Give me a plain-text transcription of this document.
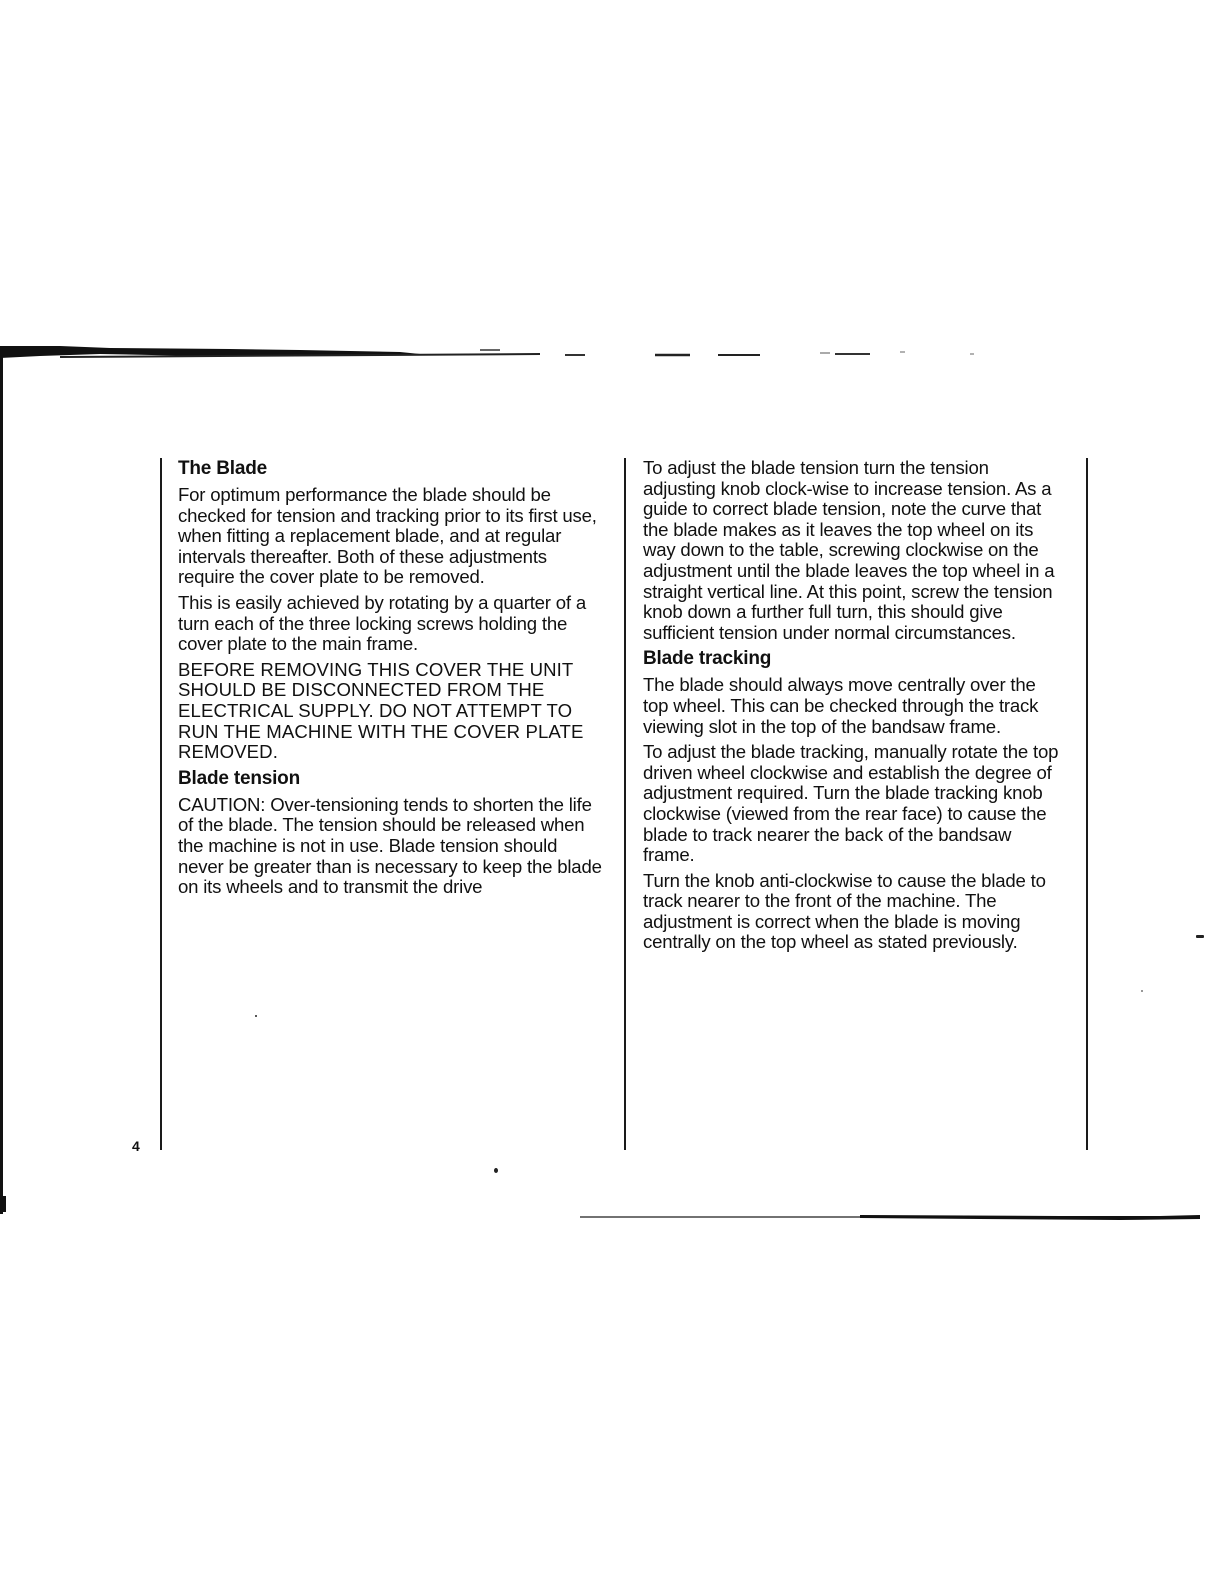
The Blade

For optimum performance the blade should be checked for tension and tracking prior to its first use, when fitting a replacement blade, and at regular intervals thereafter. Both of these adjustments require the cover plate to be removed.

This is easily achieved by rotating by a quarter of a turn each of the three locking screws holding the cover plate to the main frame.

BEFORE REMOVING THIS COVER THE UNIT SHOULD BE DISCONNECTED FROM THE ELECTRICAL SUPPLY. DO NOT ATTEMPT TO RUN THE MACHINE WITH THE COVER PLATE REMOVED.

Blade tension

CAUTION: Over-tensioning tends to shorten the life of the blade. The tension should be released when the machine is not in use. Blade tension should never be greater than is necessary to keep the blade on its wheels and to transmit the drive

To adjust the blade tension turn the tension adjusting knob clock-wise to increase tension. As a guide to correct blade tension, note the curve that the blade makes as it leaves the top wheel on its way down to the table, screwing clockwise on the adjustment until the blade leaves the top wheel in a straight vertical line. At this point, screw the tension knob down a further full turn, this should give sufficient tension under normal circumstances.

Blade tracking

The blade should always move centrally over the top wheel. This can be checked through the track viewing slot in the top of the bandsaw frame.

To adjust the blade tracking, manually rotate the top driven wheel clockwise and establish the degree of adjustment required. Turn the blade tracking knob clockwise (viewed from the rear face) to cause the blade to track nearer the back of the bandsaw frame.

Turn the knob anti-clockwise to cause the blade to track nearer to the front of the machine. The adjustment is correct when the blade is moving centrally on the top wheel as stated previously.

4
